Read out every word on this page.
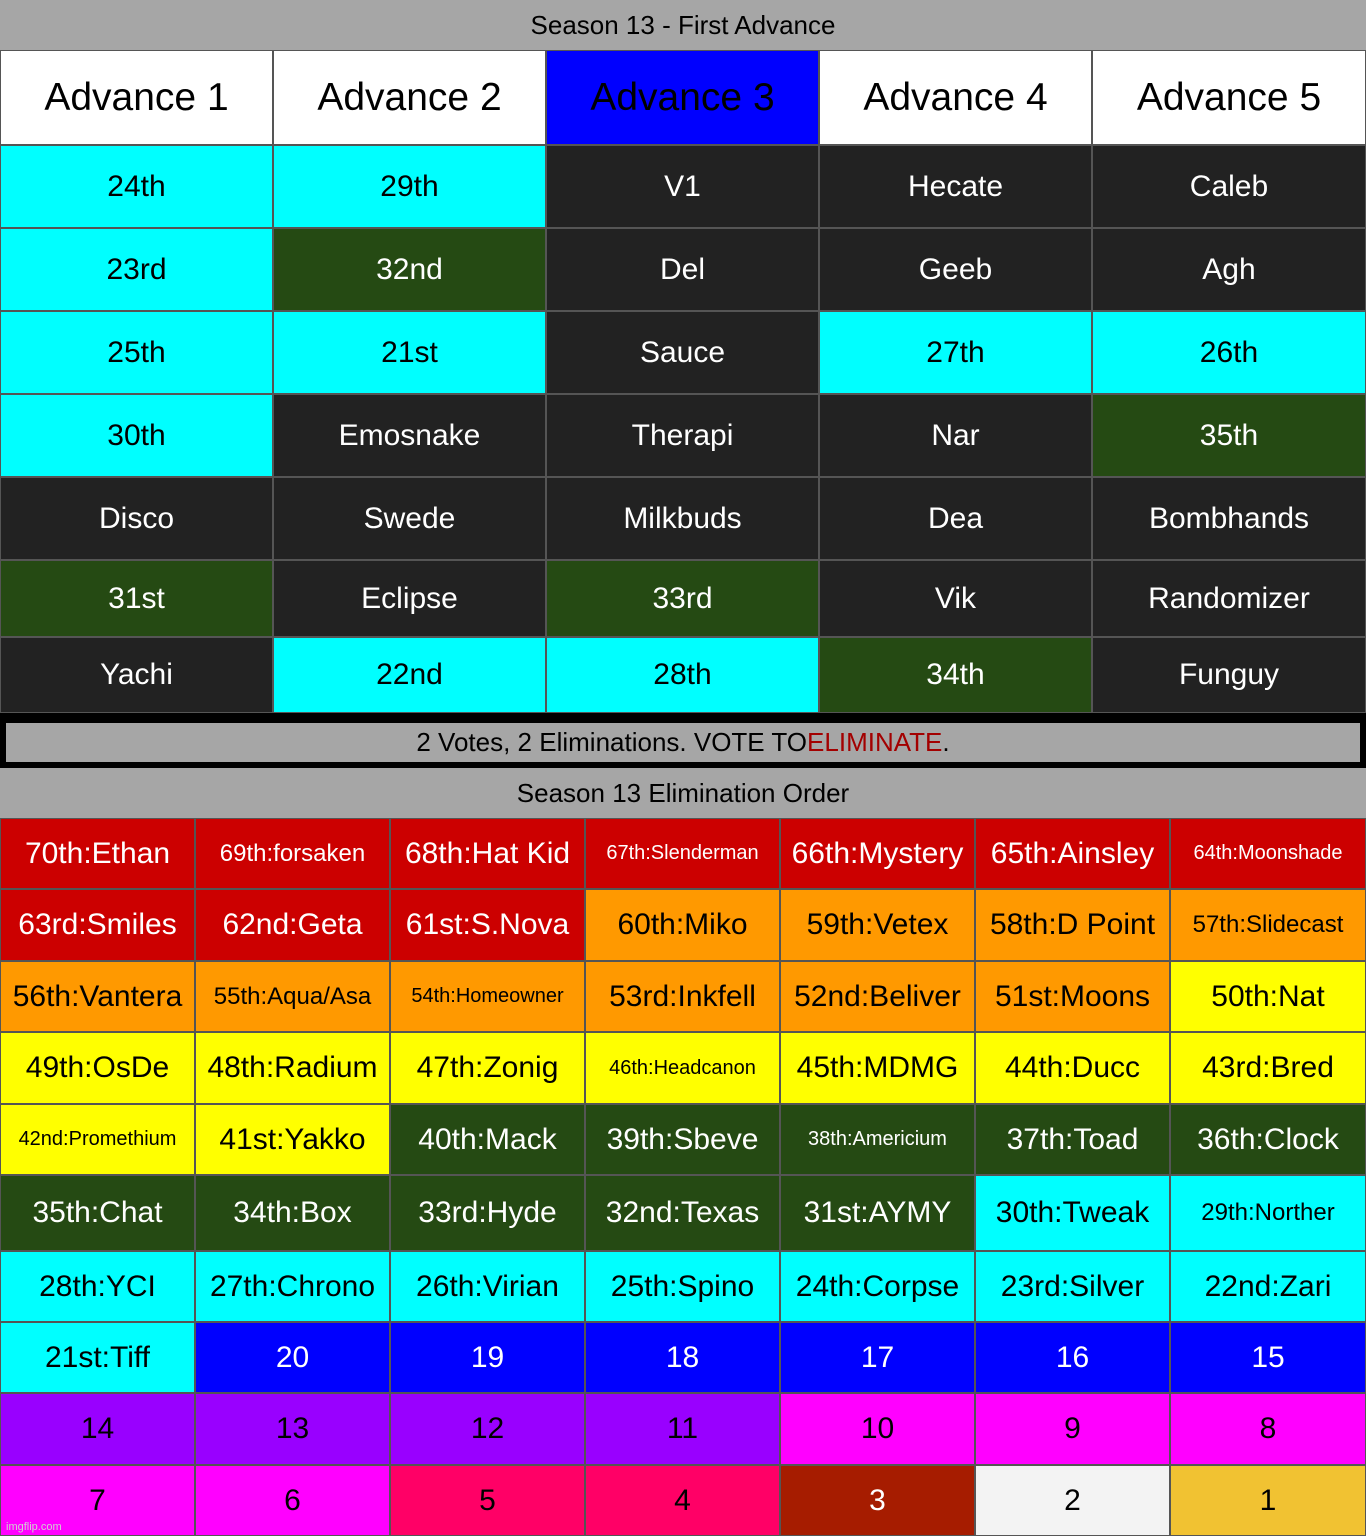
Season 13 - First Advance
Advance 1	Advance 2	Advance 3	Advance 4	Advance 5
24th	29th	V1	Hecate	Caleb
23rd	32nd	Del	Geeb	Agh
25th	21st	Sauce	27th	26th
30th	Emosnake	Therapi	Nar	35th
Disco	Swede	Milkbuds	Dea	Bombhands
31st	Eclipse	33rd	Vik	Randomizer
Yachi	22nd	28th	34th	Funguy
2 Votes, 2 Eliminations. VOTE TO ELIMINATE .
Season 13 Elimination Order
70th:Ethan	69th:forsaken	68th:Hat Kid	67th:Slenderman	66th:Mystery 65th:Ainsley	64th:Moonshade
63rd:Smiles	62nd:Geta	61st:S.Nova	60th:Miko	59th:Vetex	58th:D Point	57th:Slidecast
56th:Vantera	55th:Aqua/Asa	54th:Homeowner	53rd:Inkfell	52nd:Beliver	51st:Moons	50th:Nat
49th:OsDe	48th:Radium	47th:Zonig	46th:Headcanon	45th:MDMG	44th:Ducc	43rd:Bred
42nd:Promethium	41st:Yakko	40th:Mack	39th:Sbeve	38th:Americium	37th:Toad	36th:Clock
35th:Chat	34th:Box	33rd:Hyde	32nd:Texas	31st:AYMY	30th:Tweak	29th:Norther
28th:YCI	27th:Chrono	26th:Virian	25th:Spino	24th:Corpse	23rd:Silver	22nd:Zari
21st:Tiff	20	19	18	17	16	15
14	13	12	11	10	9	8
7	6	5	4	3	2	1
imgflip.com
